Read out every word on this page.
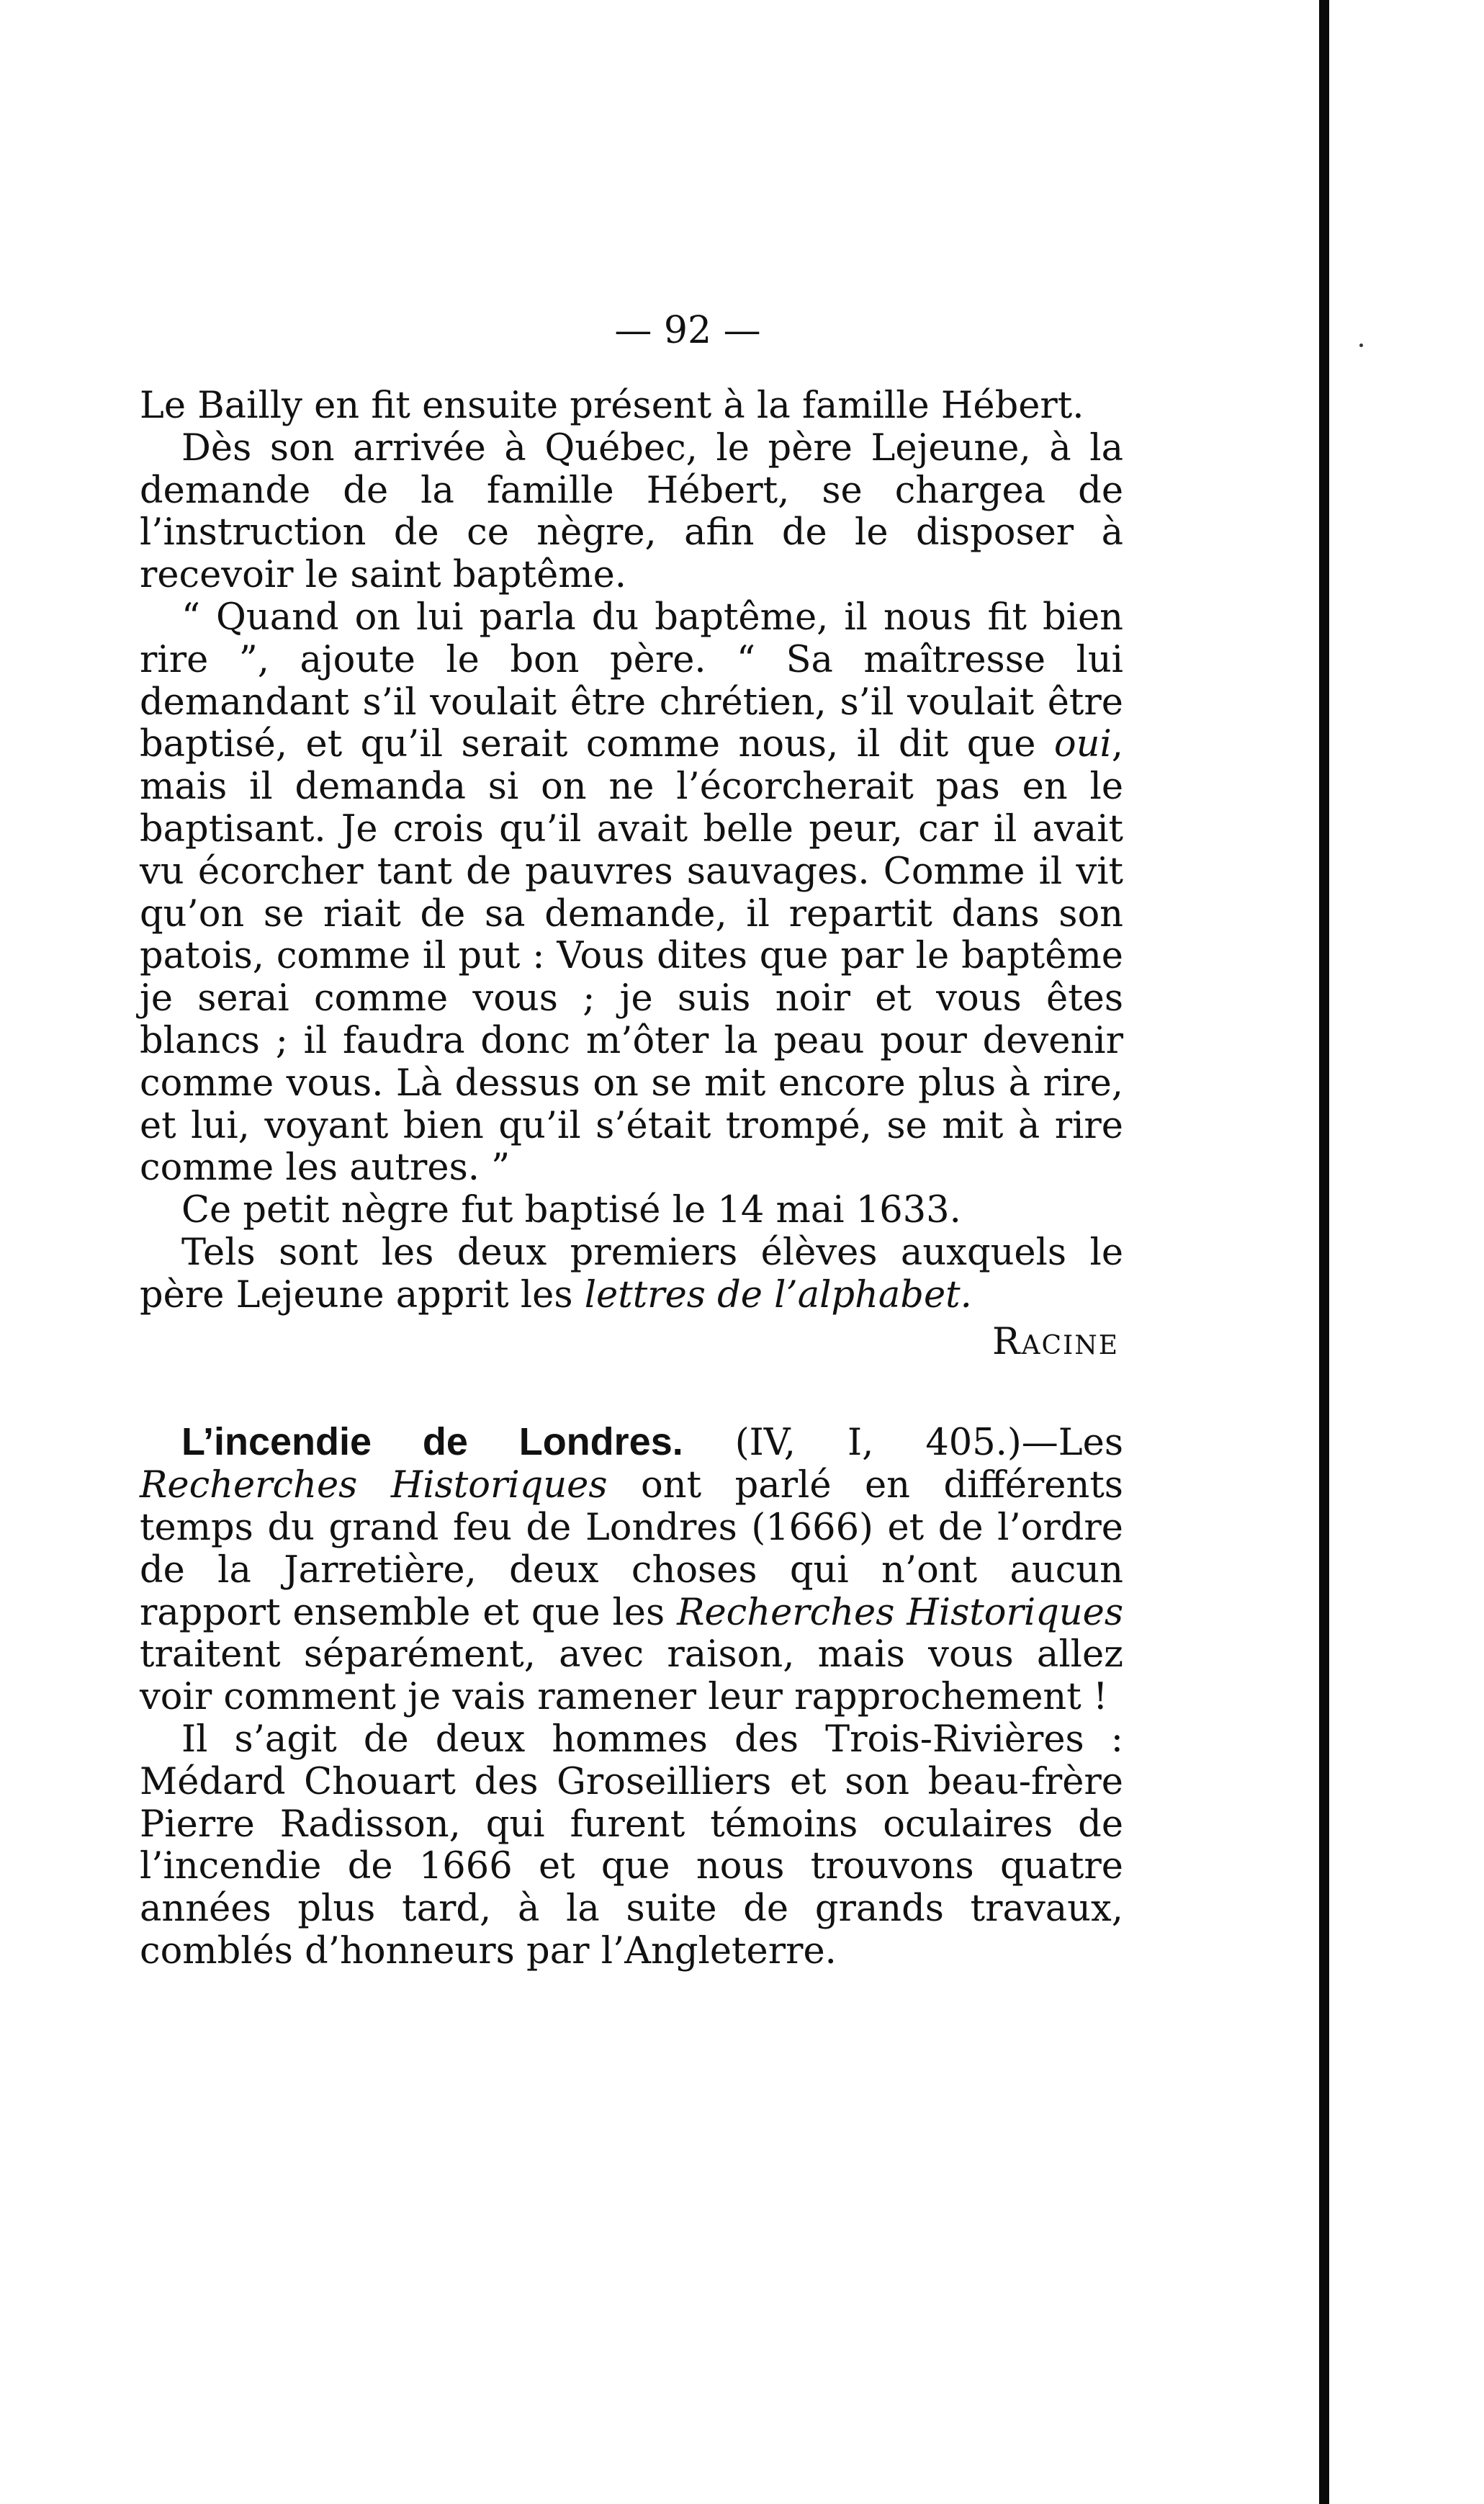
— 92 —

Le Bailly en fit ensuite présent à la famille Hébert.

Dès son arrivée à Québec, le père Lejeune, à la demande de la famille Hébert, se chargea de l’instruction de ce nègre, afin de le disposer à recevoir le saint baptême.

“ Quand on lui parla du baptême, il nous fit bien rire ”, ajoute le bon père. “ Sa maîtresse lui demandant s’il voulait être chrétien, s’il voulait être baptisé, et qu’il serait comme nous, il dit que oui, mais il demanda si on ne l’écorcherait pas en le baptisant. Je crois qu’il avait belle peur, car il avait vu écorcher tant de pauvres sauvages. Comme il vit qu’on se riait de sa demande, il repartit dans son patois, comme il put : Vous dites que par le baptême je serai comme vous ; je suis noir et vous êtes blancs ; il faudra donc m’ôter la peau pour devenir comme vous. Là dessus on se mit encore plus à rire, et lui, voyant bien qu’il s’était trompé, se mit à rire comme les autres. ”

Ce petit nègre fut baptisé le 14 mai 1633.

Tels sont les deux premiers élèves auxquels le père Lejeune apprit les lettres de l’alphabet.

Racine

L’incendie de Londres. (IV, I, 405.)—Les Recherches Historiques ont parlé en différents temps du grand feu de Londres (1666) et de l’ordre de la Jarretière, deux choses qui n’ont aucun rapport ensemble et que les Recherches Historiques traitent séparément, avec raison, mais vous allez voir comment je vais ramener leur rapprochement !

Il s’agit de deux hommes des Trois-Rivières : Médard Chouart des Groseilliers et son beau-frère Pierre Radisson, qui furent témoins oculaires de l’incendie de 1666 et que nous trouvons quatre années plus tard, à la suite de grands travaux, comblés d’honneurs par l’Angleterre.
